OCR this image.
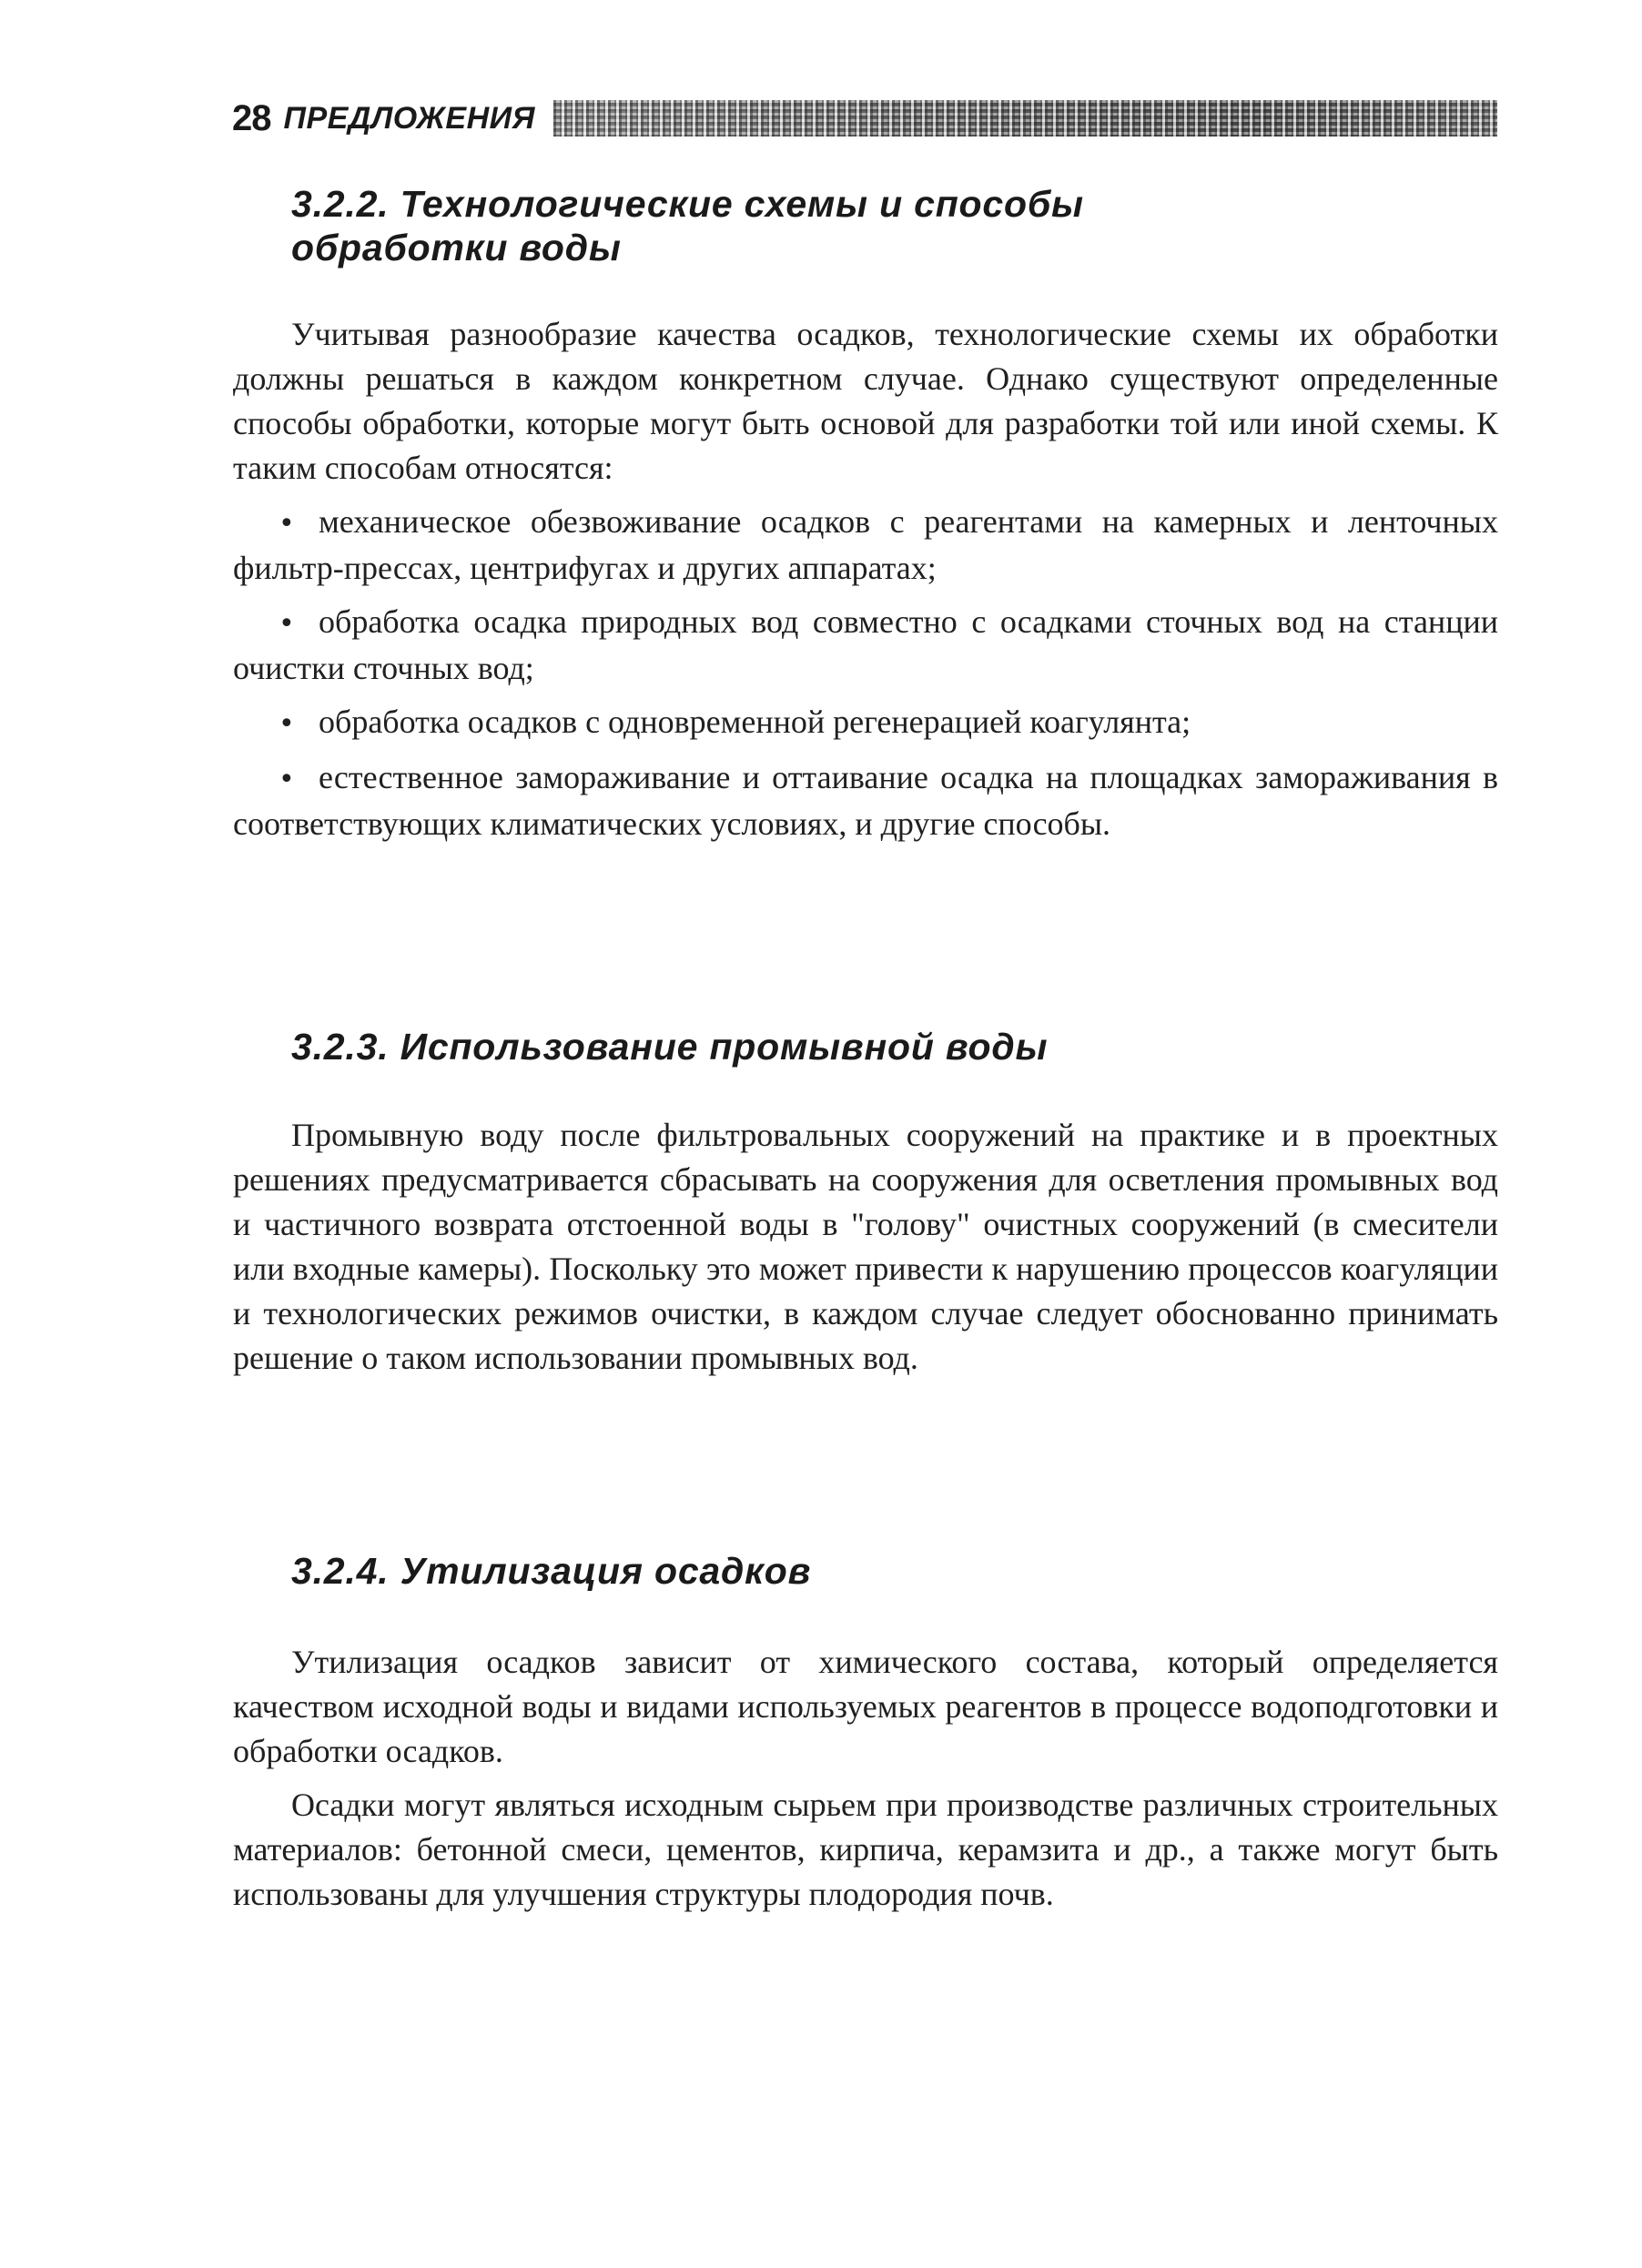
28 ПРЕДЛОЖЕНИЯ
3.2.2. Технологические схемы и способы обработки воды

Учитывая разнообразие качества осадков, технологические схемы их обработки должны решаться в каждом конкретном случае. Однако существуют определенные способы обработки, которые могут быть основой для разработки той или иной схемы. К таким способам относятся:

• механическое обезвоживание осадков с реагентами на камерных и ленточных фильтр-прессах, центрифугах и других аппаратах;
• обработка осадка природных вод совместно с осадками сточных вод на станции очистки сточных вод;
• обработка осадков с одновременной регенерацией коагулянта;
• естественное замораживание и оттаивание осадка на площадках замораживания в соответствующих климатических условиях, и другие способы.
3.2.3. Использование промывной воды

Промывную воду после фильтровальных сооружений на практике и в проектных решениях предусматривается сбрасывать на сооружения для осветления промывных вод и частичного возврата отстоенной воды в "голову" очистных сооружений (в смесители или входные камеры). Поскольку это может привести к нарушению процессов коагуляции и технологических режимов очистки, в каждом случае следует обоснованно принимать решение о таком использовании промывных вод.

3.2.4. Утилизация осадков

Утилизация осадков зависит от химического состава, который определяется качеством исходной воды и видами используемых реагентов в процессе водоподготовки и обработки осадков.

Осадки могут являться исходным сырьем при производстве различных строительных материалов: бетонной смеси, цементов, кирпича, керамзита и др., а также могут быть использованы для улучшения структуры плодородия почв.
